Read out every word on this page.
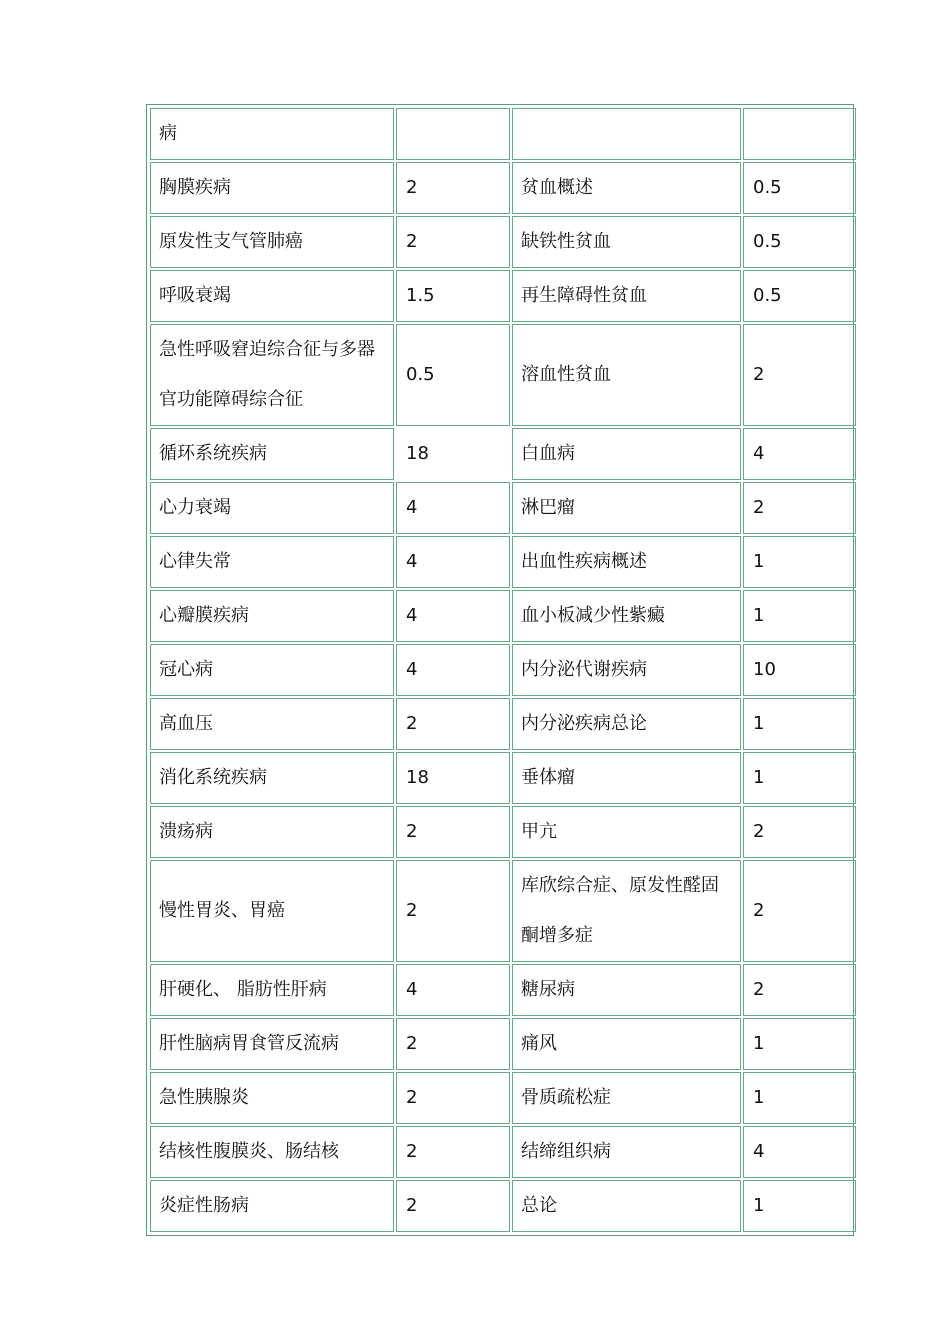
病			
胸膜疾病	2	贫血概述	0.5
原发性支气管肺癌	2	缺铁性贫血	0.5
呼吸衰竭	1.5	再生障碍性贫血	0.5
急性呼吸窘迫综合征与多器官功能障碍综合征	0.5	溶血性贫血	2
循环系统疾病	18	白血病	4
心力衰竭	4	淋巴瘤	2
心律失常	4	出血性疾病概述	1
心瓣膜疾病	4	血小板减少性紫癜	1
冠心病	4	内分泌代谢疾病	10
高血压	2	内分泌疾病总论	1
消化系统疾病	18	垂体瘤	1
溃疡病	2	甲亢	2
慢性胃炎、胃癌	2	库欣综合症、原发性醛固酮增多症	2
肝硬化、 脂肪性肝病	4	糖尿病	2
肝性脑病胃食管反流病	2	痛风	1
急性胰腺炎	2	骨质疏松症	1
结核性腹膜炎、肠结核	2	结缔组织病	4
炎症性肠病	2	总论	1
